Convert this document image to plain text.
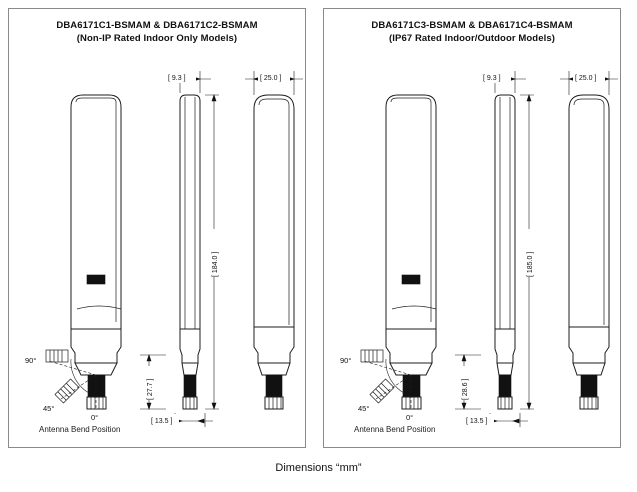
DBA6171C1-BSMAM & DBA6171C2-BSMAM
(Non-IP Rated Indoor Only Models)
90°
45°
0°
[ 9.3 ]
[ 184.0 ]
[ 27.7 ]
[ 13.5 ]
[ 25.0 ]
Antenna Bend Position
DBA6171C3-BSMAM & DBA6171C4-BSMAM
(IP67 Rated Indoor/Outdoor Models)
90°
45°
0°
[ 9.3 ]
[ 185.0 ]
[ 28.6 ]
[ 13.5 ]
[ 25.0 ]
Antenna Bend Position
Dimensions “mm”
